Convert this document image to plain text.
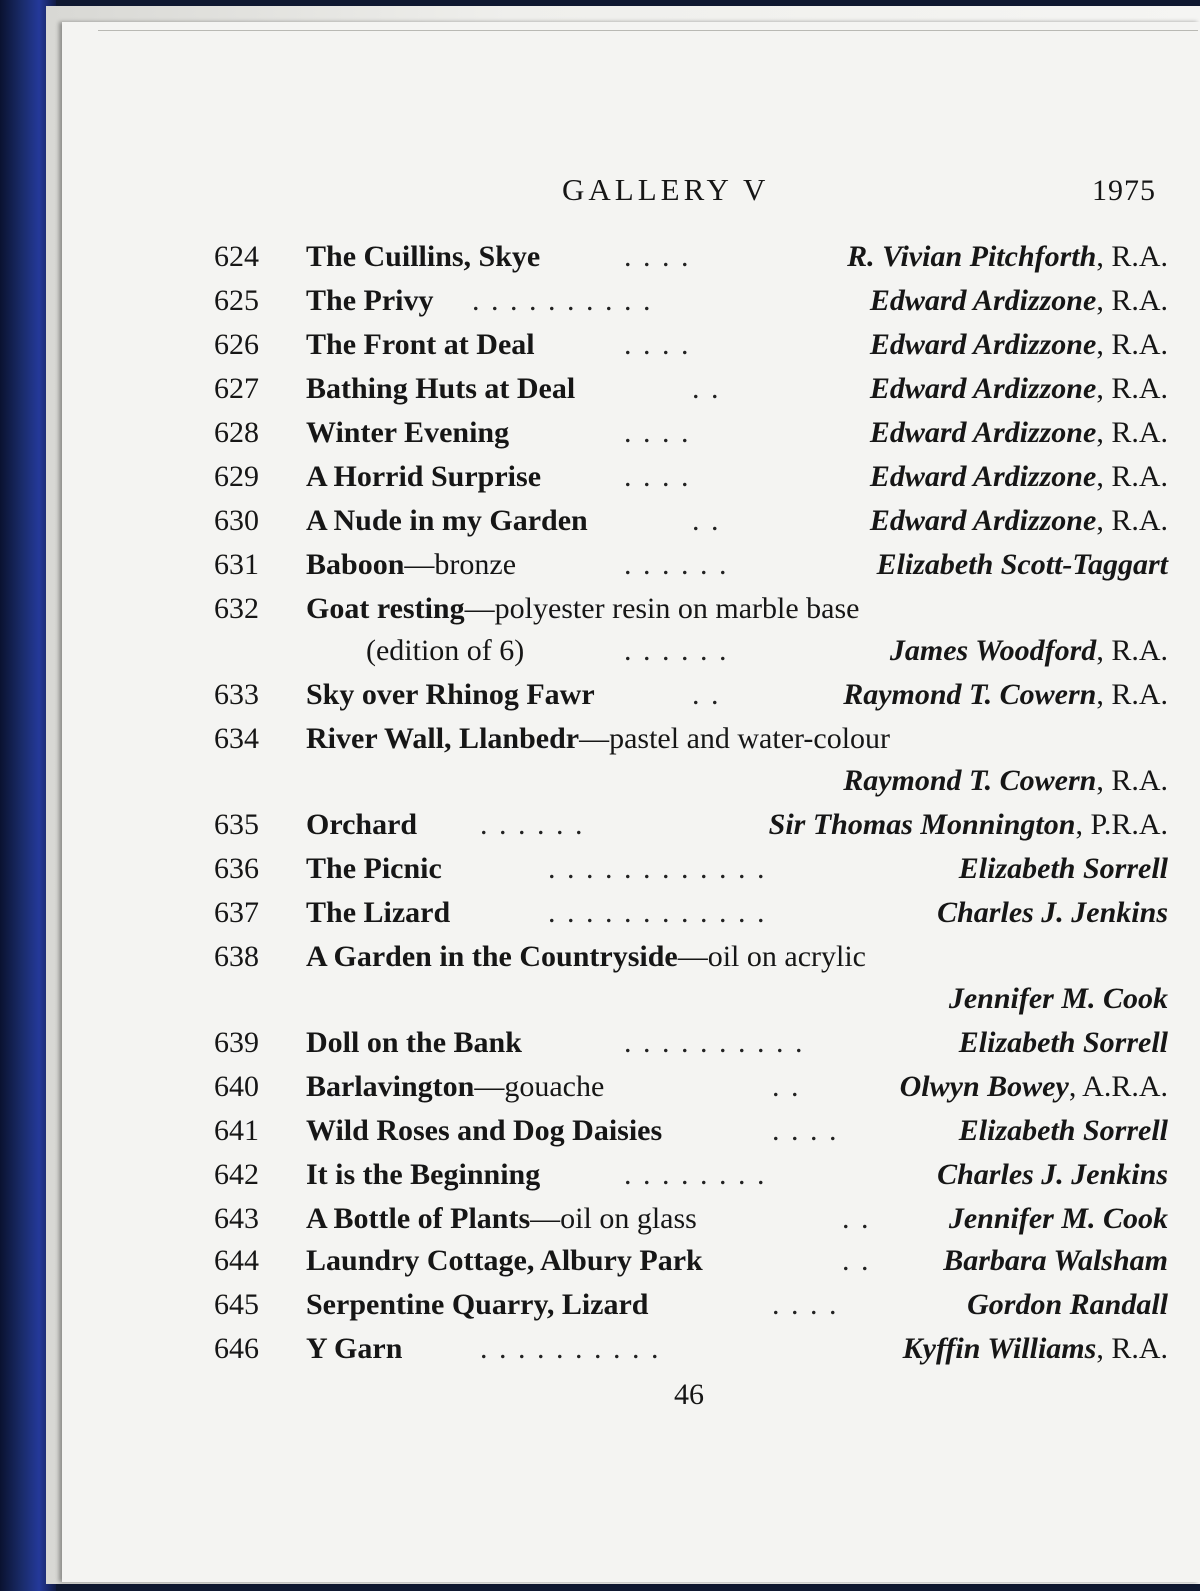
GALLERY V	1975
624 The Cuillins, Skye	. . . .	R. Vivian Pitchforth, R.A.
625 The Privy . . . . . . . . . .	Edward Ardizzone, R.A.
626 The Front at Deal	. . . .	Edward Ardizzone, R.A.
627 Bathing Huts at Deal	. .	Edward Ardizzone, R.A.
628 Winter Evening	. . . .	Edward Ardizzone, R.A.
629 A Horrid Surprise	. . . .	Edward Ardizzone, R.A.
630 A Nude in my Garden	. .	Edward Ardizzone, R.A.
631 Baboon—bronze	. . . . . .	Elizabeth Scott-Taggart
632 Goat resting—polyester resin on marble base
(edition of 6)	. . . . . .	James Woodford, R.A.
633 Sky over Rhinog Fawr	. .	Raymond T. Cowern, R.A.
634 River Wall, Llanbedr—pastel and water-colour
Raymond T. Cowern, R.A.
635 Orchard . . . . . .	Sir Thomas Monnington, P.R.A.
636 The Picnic	. . . . . . . . . . . .	Elizabeth Sorrell
637 The Lizard	. . . . . . . . . . . .	Charles J. Jenkins
638 A Garden in the Countryside—oil on acrylic
Jennifer M. Cook
639 Doll on the Bank	. . . . . . . . . .	Elizabeth Sorrell
640 Barlavington—gouache	. .	Olwyn Bowey, A.R.A.
641 Wild Roses and Dog Daisies	. . . .	Elizabeth Sorrell
642 It is the Beginning	. . . . . . . .	Charles J. Jenkins
643 A Bottle of Plants—oil on glass	. .	Jennifer M. Cook
644 Laundry Cottage, Albury Park	. . Barbara Walsham
645 Serpentine Quarry, Lizard	. . . .	Gordon Randall
646 Y Garn	. . . . . . . . . .	Kyffin Williams, R.A.
46
